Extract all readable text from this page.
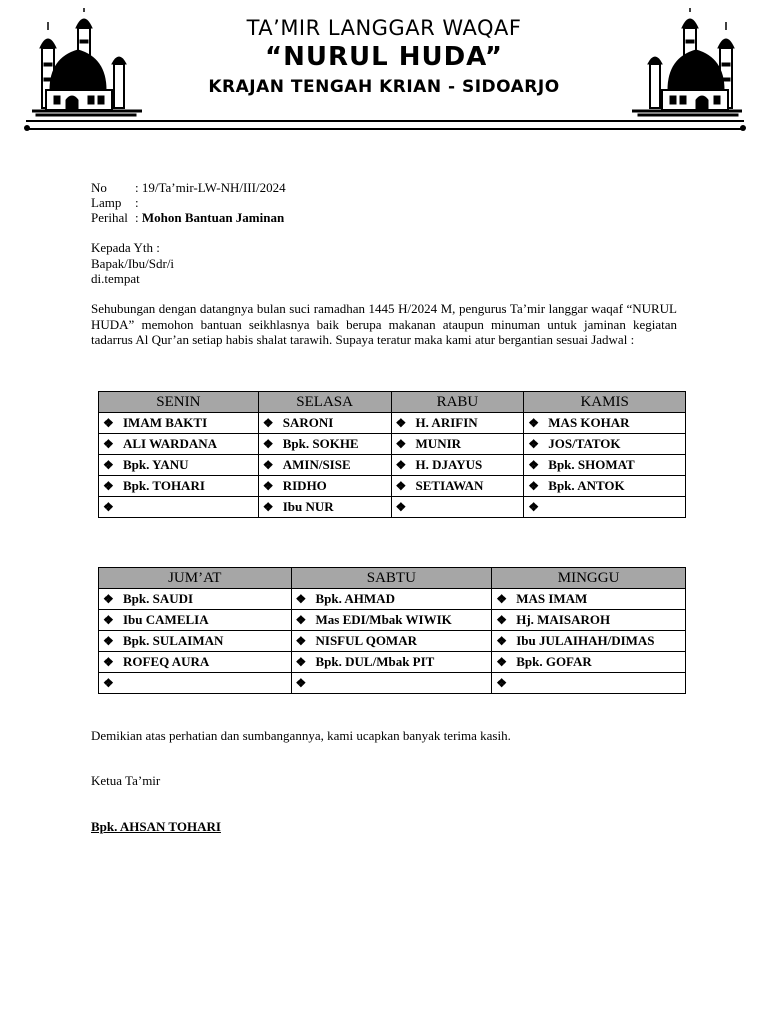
TA’MIR LANGGAR WAQAF
“NURUL HUDA”
KRAJAN TENGAH KRIAN - SIDOARJO
No	: 19/Ta’mir-LW-NH/III/2024
Lamp	:
Perihal : Mohon Bantuan Jaminan
Kepada Yth :
Bapak/Ibu/Sdr/i
di.tempat
Sehubungan dengan datangnya bulan suci ramadhan 1445 H/2024 M, pengurus Ta’mir langgar waqaf “NURUL HUDA” memohon bantuan seikhlasnya baik berupa makanan ataupun minuman untuk jaminan kegiatan tadarrus Al Qur’an setiap habis shalat tarawih. Supaya teratur maka kami atur bergantian sesuai Jadwal :
SENIN	SELASA	RABU	KAMIS
❖ IMAM BAKTI	❖ SARONI	❖ H. ARIFIN	❖ MAS KOHAR
❖ ALI WARDANA	❖ Bpk. SOKHE	❖ MUNIR	❖ JOS/TATOK
❖ Bpk. YANU	❖ AMIN/SISE	❖ H. DJAYUS	❖ Bpk. SHOMAT
❖ Bpk. TOHARI	❖ RIDHO	❖ SETIAWAN	❖ Bpk. ANTOK
❖	❖ Ibu NUR	❖	❖
JUM’AT	SABTU	MINGGU
❖ Bpk. SAUDI	❖ Bpk. AHMAD	❖ MAS IMAM
❖ Ibu CAMELIA	❖ Mas EDI/Mbak WIWIK	❖ Hj. MAISAROH
❖ Bpk. SULAIMAN	❖ NISFUL QOMAR	❖ Ibu JULAIHAH/DIMAS
❖ ROFEQ AURA	❖ Bpk. DUL/Mbak PIT	❖ Bpk. GOFAR
❖	❖	❖
Demikian atas perhatian dan sumbangannya, kami ucapkan banyak terima kasih.
Ketua Ta’mir
Bpk. AHSAN TOHARI
